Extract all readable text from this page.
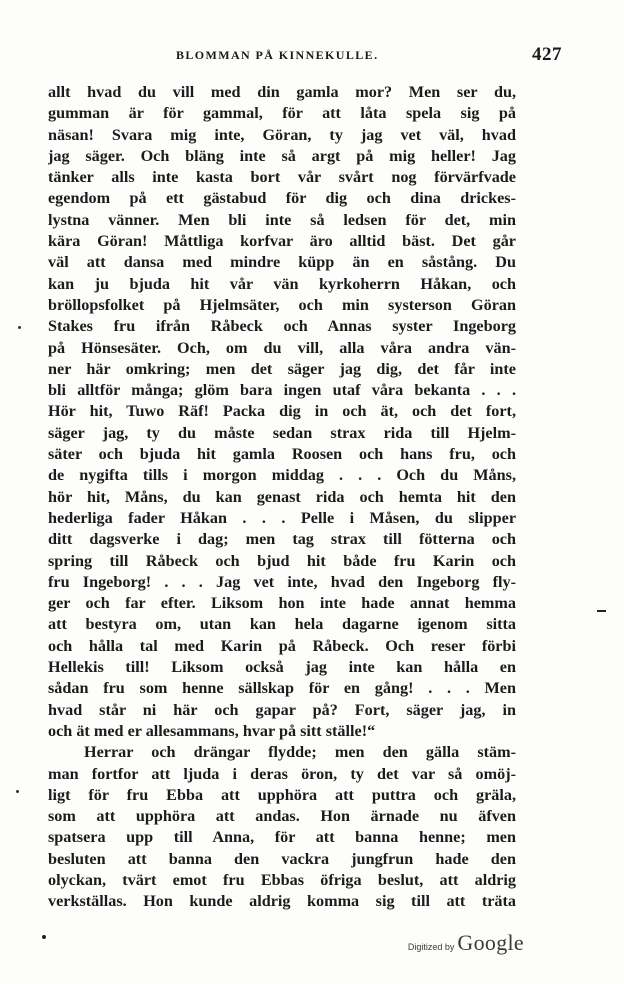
BLOMMAN PÅ KINNEKULLE.	427
allt hvad du vill med din gamla mor? Men ser du,
gumman är för gammal, för att låta spela sig på
näsan! Svara mig inte, Göran, ty jag vet väl, hvad
jag säger. Och bläng inte så argt på mig heller! Jag
tänker alls inte kasta bort vår svårt nog förvärfvade
egendom på ett gästabud för dig och dina drickes-
lystna vänner. Men bli inte så ledsen för det, min
kära Göran! Måttliga korfvar äro alltid bäst. Det går
väl att dansa med mindre küpp än en såstång. Du
kan ju bjuda hit vår vän kyrkoherrn Håkan, och
bröllopsfolket på Hjelmsäter, och min systerson Göran
Stakes fru ifrån Råbeck och Annas syster Ingeborg
på Hönsesäter. Och, om du vill, alla våra andra vän-
ner här omkring; men det säger jag dig, det får inte
bli alltför många; glöm bara ingen utaf våra bekanta . . .
Hör hit, Tuwo Räf! Packa dig in och ät, och det fort,
säger jag, ty du måste sedan strax rida till Hjelm-
säter och bjuda hit gamla Roosen och hans fru, och
de nygifta tills i morgon middag . . . Och du Måns,
hör hit, Måns, du kan genast rida och hemta hit den
hederliga fader Håkan . . . Pelle i Måsen, du slipper
ditt dagsverke i dag; men tag strax till fötterna och
spring till Råbeck och bjud hit både fru Karin och
fru Ingeborg! . . . Jag vet inte, hvad den Ingeborg fly-
ger och far efter. Liksom hon inte hade annat hemma
att bestyra om, utan kan hela dagarne igenom sitta
och hålla tal med Karin på Råbeck. Och reser förbi
Hellekis till! Liksom också jag inte kan hålla en
sådan fru som henne sällskap för en gång! . . . Men
hvad står ni här och gapar på? Fort, säger jag, in
och ät med er allesammans, hvar på sitt ställe!“
Herrar och drängar flydde; men den gälla stäm-
man fortfor att ljuda i deras öron, ty det var så omöj-
ligt för fru Ebba att upphöra att puttra och gräla,
som att upphöra att andas. Hon ärnade nu äfven
spatsera upp till Anna, för att banna henne; men
besluten att banna den vackra jungfrun hade den
olyckan, tvärt emot fru Ebbas öfriga beslut, att aldrig
verkställas. Hon kunde aldrig komma sig till att träta
Digitized by Google
